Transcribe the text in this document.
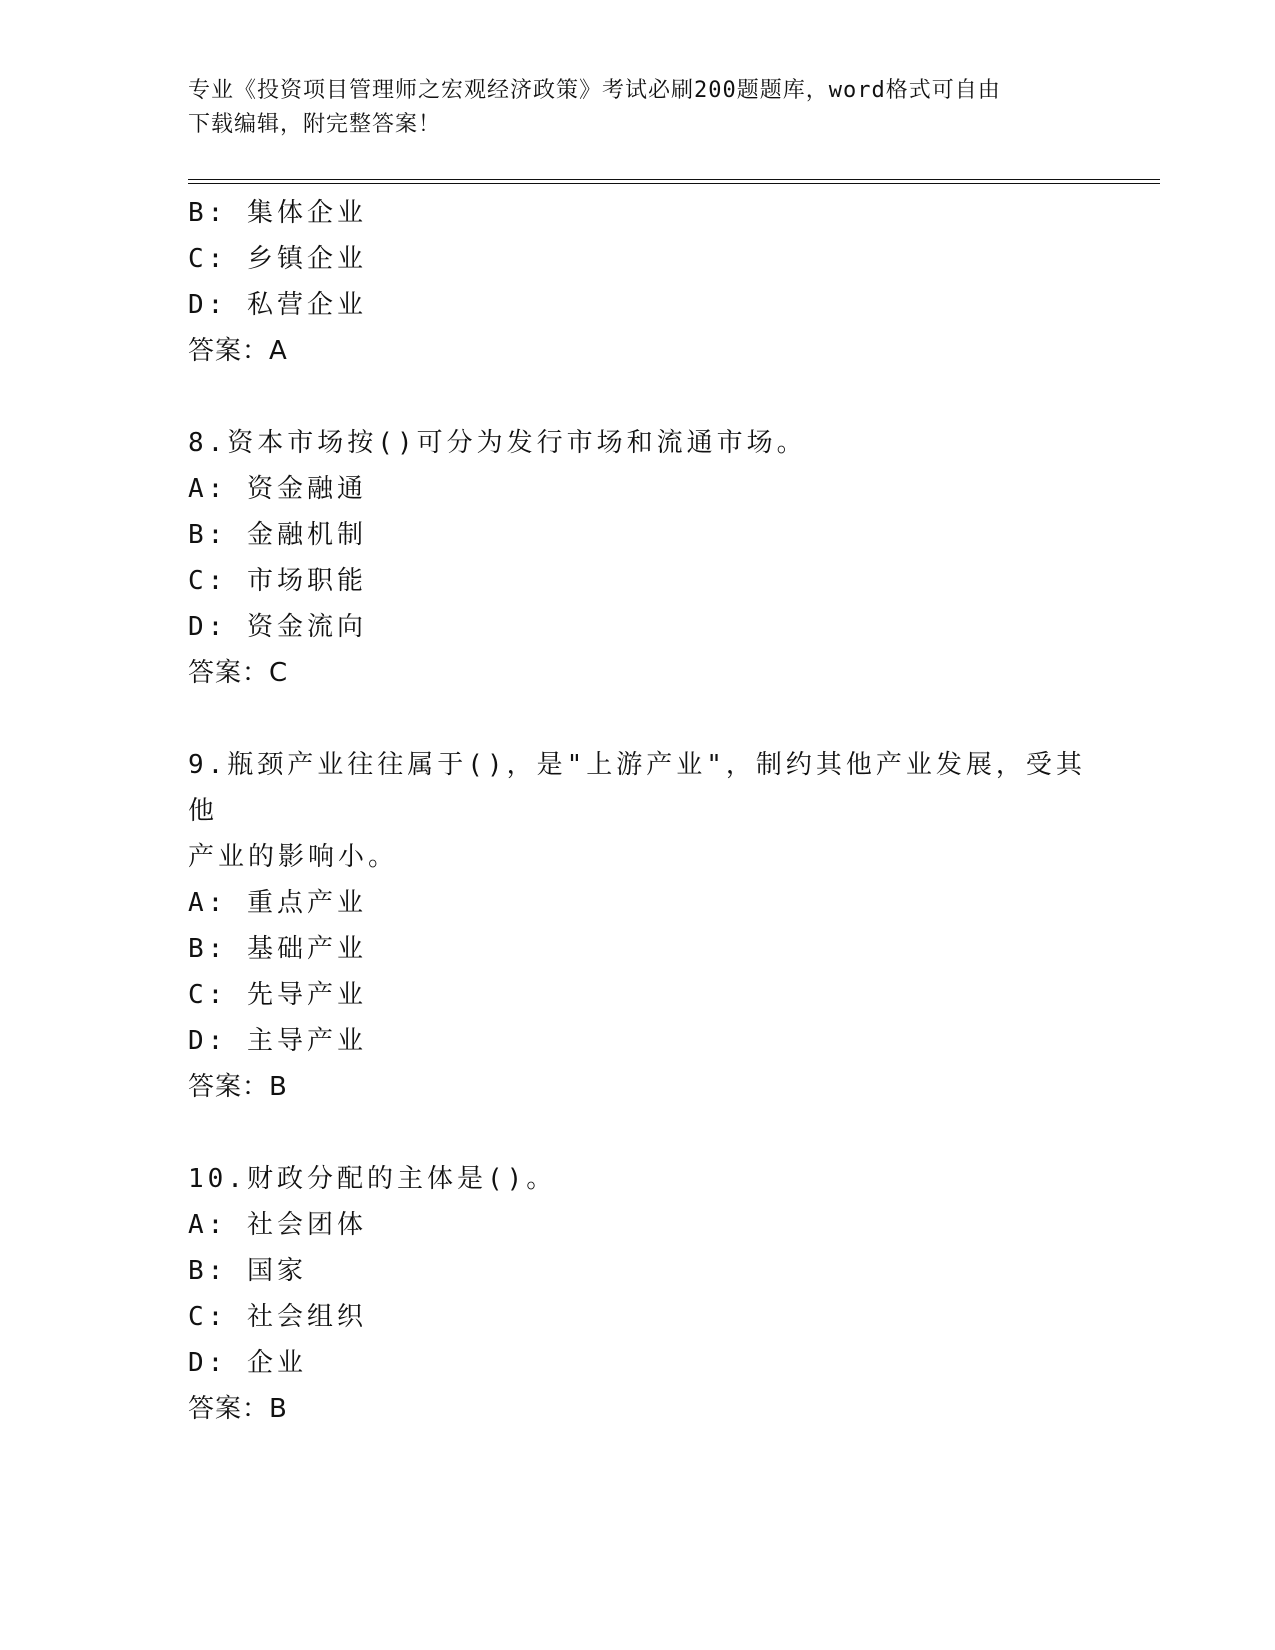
专业《投资项目管理师之宏观经济政策》考试必刷200题题库，word格式可自由
下载编辑，附完整答案！
B: 集体企业
C: 乡镇企业
D: 私营企业
答案：A
8.资本市场按()可分为发行市场和流通市场。
A: 资金融通
B: 金融机制
C: 市场职能
D: 资金流向
答案：C
9.瓶颈产业往往属于()，是"上游产业"，制约其他产业发展，受其他
产业的影响小。
A: 重点产业
B: 基础产业
C: 先导产业
D: 主导产业
答案：B
10.财政分配的主体是()。
A: 社会团体
B: 国家
C: 社会组织
D: 企业
答案：B
